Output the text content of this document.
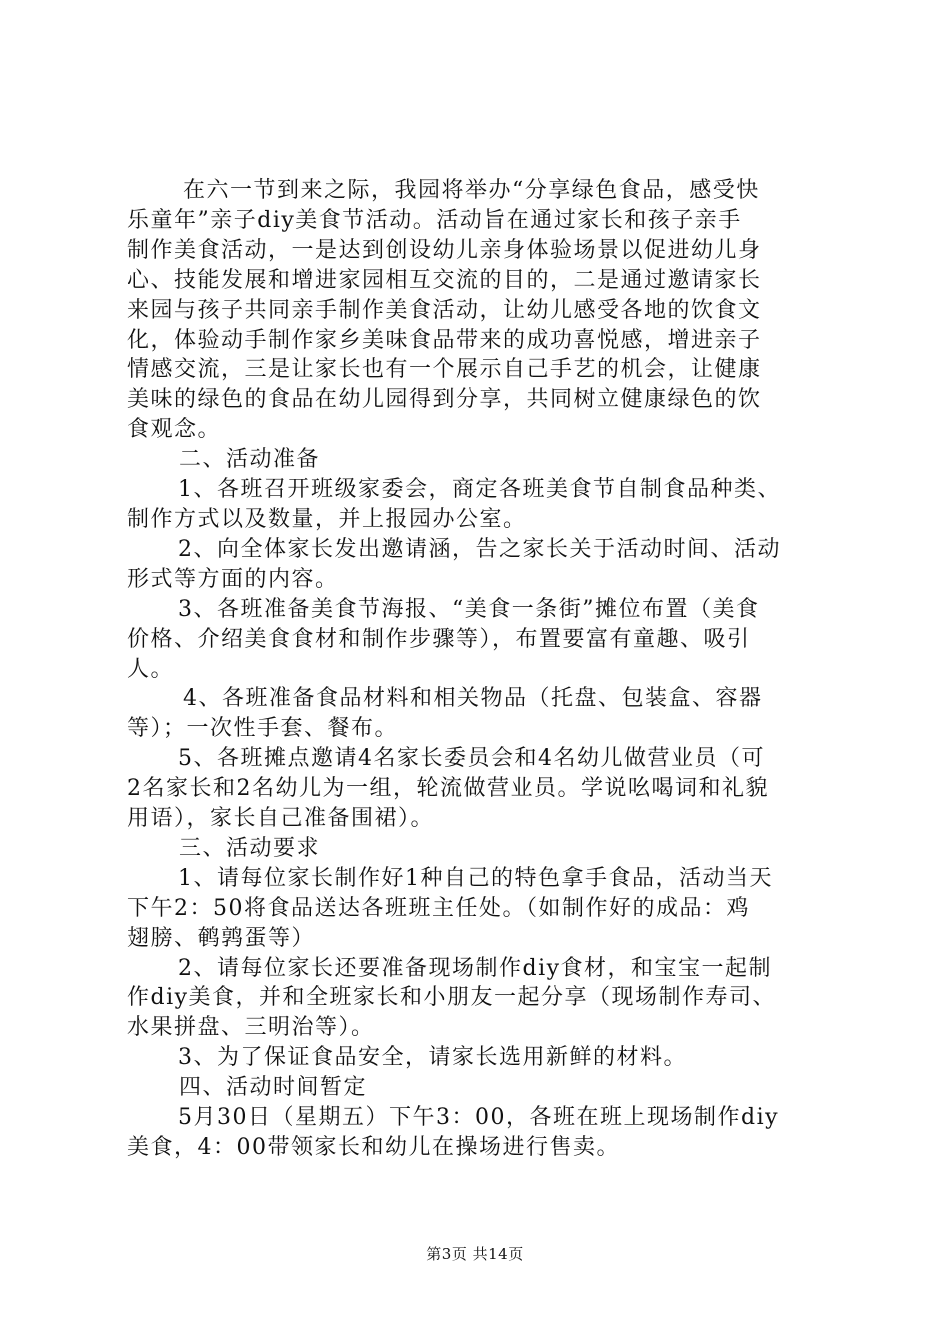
在六一节到来之际，我园将举办“分享绿色食品，感受快

乐童年”亲子diy美食节活动。活动旨在通过家长和孩子亲手

制作美食活动，一是达到创设幼儿亲身体验场景以促进幼儿身

心、技能发展和增进家园相互交流的目的，二是通过邀请家长

来园与孩子共同亲手制作美食活动，让幼儿感受各地的饮食文

化，体验动手制作家乡美味食品带来的成功喜悦感，增进亲子

情感交流，三是让家长也有一个展示自己手艺的机会，让健康

美味的绿色的食品在幼儿园得到分享，共同树立健康绿色的饮

食观念。

二、活动准备

1、各班召开班级家委会，商定各班美食节自制食品种类、

制作方式以及数量，并上报园办公室。

2、向全体家长发出邀请涵，告之家长关于活动时间、活动

形式等方面的内容。

3、各班准备美食节海报、“美食一条街”摊位布置（美食

价格、介绍美食食材和制作步骤等），布置要富有童趣、吸引

人。

4、各班准备食品材料和相关物品（托盘、包装盒、容器

等）；一次性手套、餐布。

5、各班摊点邀请4名家长委员会和4名幼儿做营业员（可

2名家长和2名幼儿为一组，轮流做营业员。学说吆喝词和礼貌

用语），家长自己准备围裙）。

三、活动要求

1、请每位家长制作好1种自己的特色拿手食品，活动当天

下午2：50将食品送达各班班主任处。（如制作好的成品：鸡

翅膀、鹌鹑蛋等）

2、请每位家长还要准备现场制作diy食材，和宝宝一起制

作diy美食，并和全班家长和小朋友一起分享（现场制作寿司、

水果拼盘、三明治等）。

3、为了保证食品安全，请家长选用新鲜的材料。

四、活动时间暂定

5月30日（星期五）下午3：00，各班在班上现场制作diy

美食，4：00带领家长和幼儿在操场进行售卖。

第3页 共14页
